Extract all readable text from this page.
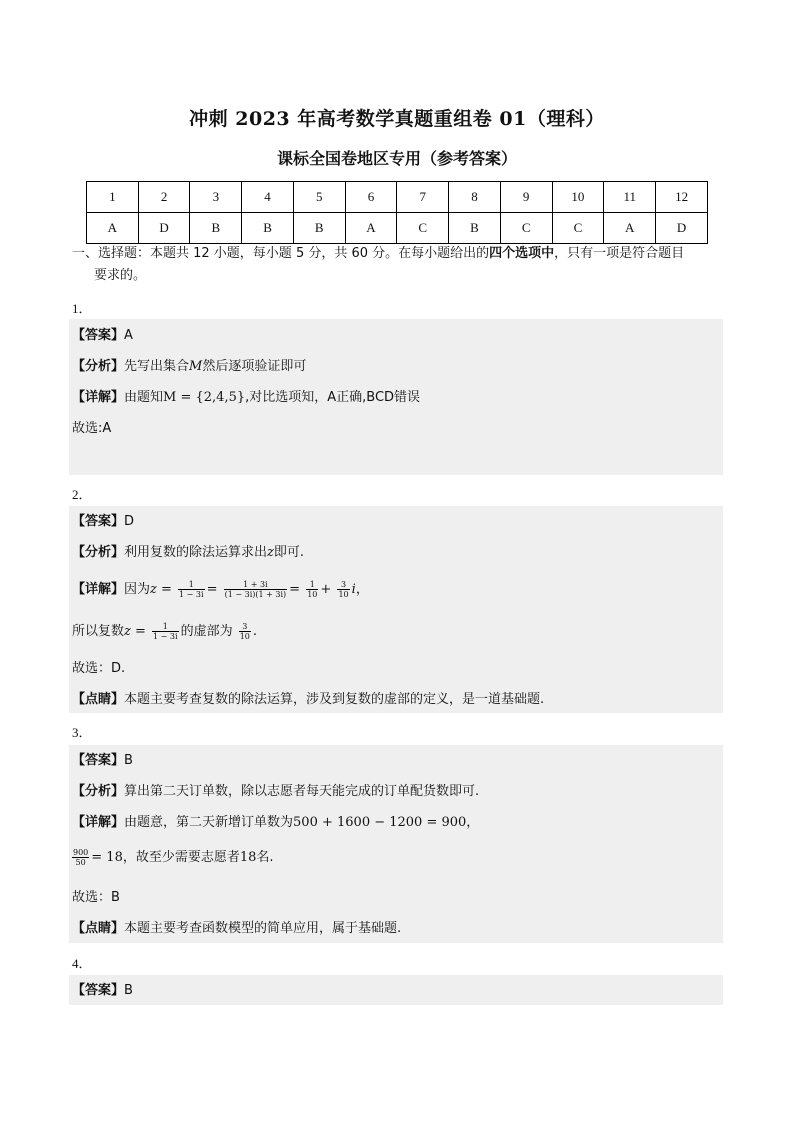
冲刺 2023 年高考数学真题重组卷 01（理科）
课标全国卷地区专用（参考答案）
1	2	3	4	5	6	7	8	9	10	11	12
A	D	B	B	B	A	C	B	C	C	A	D
一、选择题：本题共 12 小题，每小题 5 分，共 60 分。在每小题给出的四个选项中，只有一项是符合题目
要求的。
1．
【答案】A
【分析】先写出集合M然后逐项验证即可
【详解】由题知M = {2,4,5},对比选项知，A正确,BCD错误
故选:A
2．
【答案】D
【分析】利用复数的除法运算求出z即可.
【详解】因为$z = \frac{1}{1 - 3i} = \frac{1 + 3i}{(1 - 3i)(1 + 3i)} = \frac{1}{10} + \frac{3}{10}$ i，
所以复数$z = \frac{1}{1 - 3i}$ 的虚部为 $\frac{3}{10}$ .
故选：D.
【点睛】本题主要考查复数的除法运算，涉及到复数的虚部的定义，是一道基础题.
3．
【答案】B
【分析】算出第二天订单数，除以志愿者每天能完成的订单配货数即可.
【详解】由题意，第二天新增订单数为500 + 1600 − 1200 = 900，
$\frac{900}{50} = 18$，故至少需要志愿者18名.
故选：B
【点睛】本题主要考查函数模型的简单应用，属于基础题.
4．
【答案】B
